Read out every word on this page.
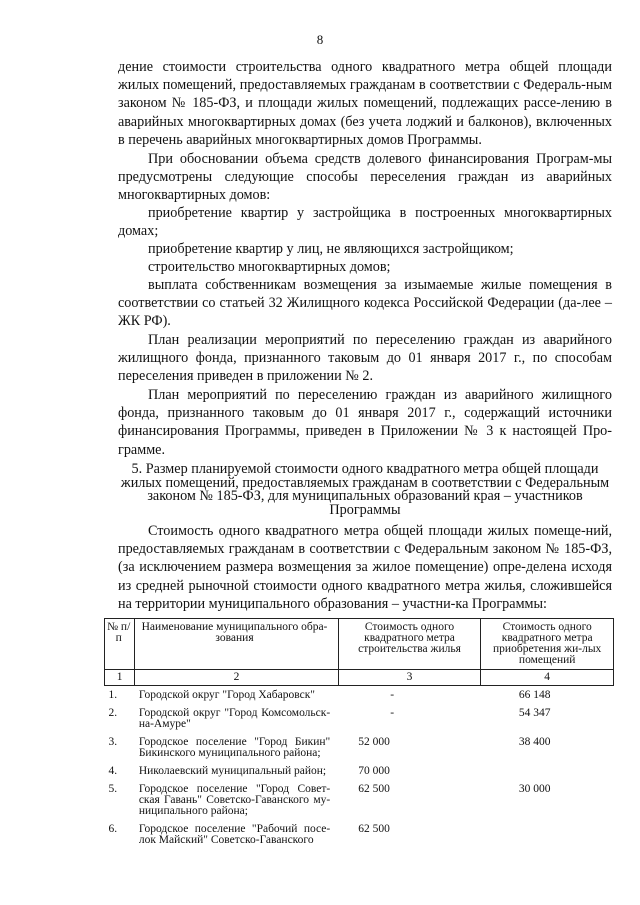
8
дение стоимости строительства одного квадратного метра общей площади жилых помещений, предоставляемых гражданам в соответствии с Федераль-ным законом № 185-ФЗ, и площади жилых помещений, подлежащих рассе-лению в аварийных многоквартирных домах (без учета лоджий и балконов), включенных в перечень аварийных многоквартирных домов Программы.
При обосновании объема средств долевого финансирования Програм-мы предусмотрены следующие способы переселения граждан из аварийных многоквартирных домов:
приобретение квартир у застройщика в построенных многоквартирных домах;
приобретение квартир у лиц, не являющихся застройщиком;
строительство многоквартирных домов;
выплата собственникам возмещения за изымаемые жилые помещения в соответствии со статьей 32 Жилищного кодекса Российской Федерации (да-лее – ЖК РФ).
План реализации мероприятий по переселению граждан из аварийного жилищного фонда, признанного таковым до 01 января 2017 г., по способам переселения приведен в приложении № 2.
План мероприятий по переселению граждан из аварийного жилищного фонда, признанного таковым до 01 января 2017 г., содержащий источники финансирования Программы, приведен в Приложении № 3 к настоящей Про-грамме.
5. Размер планируемой стоимости одного квадратного метра общей площади жилых помещений, предоставляемых гражданам в соответствии с Федеральным законом № 185-ФЗ, для муниципальных образований края – участников Программы
Стоимость одного квадратного метра общей площади жилых помеще-ний, предоставляемых гражданам в соответствии с Федеральным законом № 185-ФЗ, (за исключением размера возмещения за жилое помещение) опре-делена исходя из средней рыночной стоимости одного квадратного метра жилья, сложившейся на территории муниципального образования – участни-ка Программы:
№ п/п	Наименование муниципального обра-зования	Стоимость одного квадратного метра строительства жилья	Стоимость одного квадратного метра приобретения жи-лых помещений
1	2	3	4
1.	Городской округ "Город Хабаровск"	-	66 148
2.	Городской округ "Город Комсомольск-на-Амуре"	-	54 347
3.	Городское поселение "Город Бикин" Бикинского муниципального района;	52 000	38 400
4.	Николаевский муниципальный район;	70 000	
5.	Городское поселение "Город Совет-ская Гавань" Советско-Гаванского му-ниципального района;	62 500	30 000
6.	Городское поселение "Рабочий посе-лок Майский" Советско-Гаванского	62 500	
